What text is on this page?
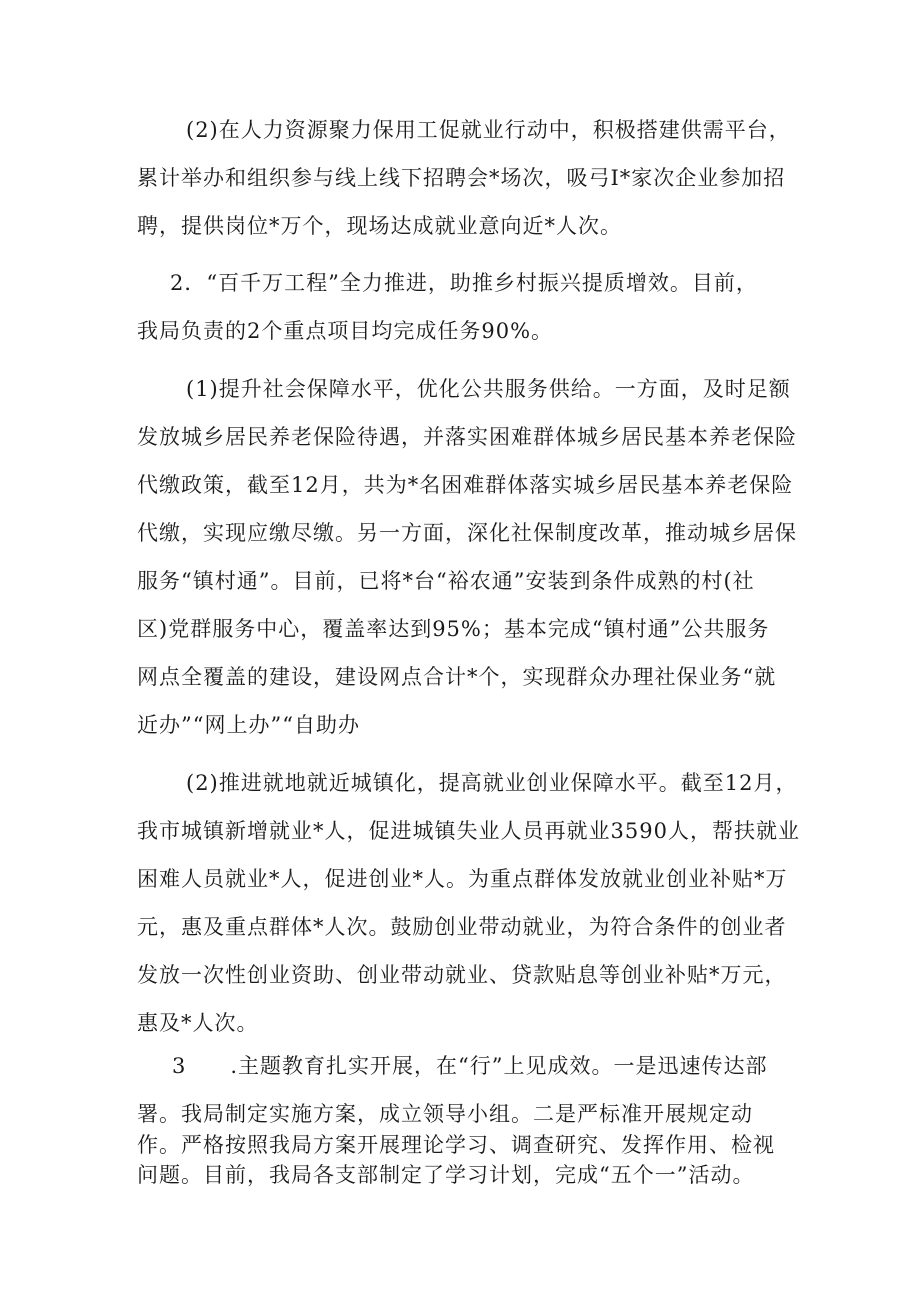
(2)在人力资源聚力保用工促就业行动中，积极搭建供需平台，
累计举办和组织参与线上线下招聘会*场次，吸弓I*家次企业参加招
聘，提供岗位*万个，现场达成就业意向近*人次。
2．“百千万工程”全力推进，助推乡村振兴提质增效。目前，
我局负责的2个重点项目均完成任务90%。
(1)提升社会保障水平，优化公共服务供给。一方面，及时足额
发放城乡居民养老保险待遇，并落实困难群体城乡居民基本养老保险
代缴政策，截至12月，共为*名困难群体落实城乡居民基本养老保险
代缴，实现应缴尽缴。另一方面，深化社保制度改革，推动城乡居保
服务“镇村通”。目前，已将*台“裕农通”安装到条件成熟的村(社
区)党群服务中心，覆盖率达到95%；基本完成“镇村通”公共服务
网点全覆盖的建设，建设网点合计*个，实现群众办理社保业务“就
近办”“网上办”“自助办
(2)推进就地就近城镇化，提高就业创业保障水平。截至12月，
我市城镇新增就业*人，促进城镇失业人员再就业3590人，帮扶就业
困难人员就业*人，促进创业*人。为重点群体发放就业创业补贴*万
元，惠及重点群体*人次。鼓励创业带动就业，为符合条件的创业者
发放一次性创业资助、创业带动就业、贷款贴息等创业补贴*万元，
惠及*人次。
3　　.主题教育扎实开展，在“行”上见成效。一是迅速传达部
署。我局制定实施方案，成立领导小组。二是严标准开展规定动
作。严格按照我局方案开展理论学习、调查研究、发挥作用、检视
问题。目前，我局各支部制定了学习计划，完成“五个一”活动。
